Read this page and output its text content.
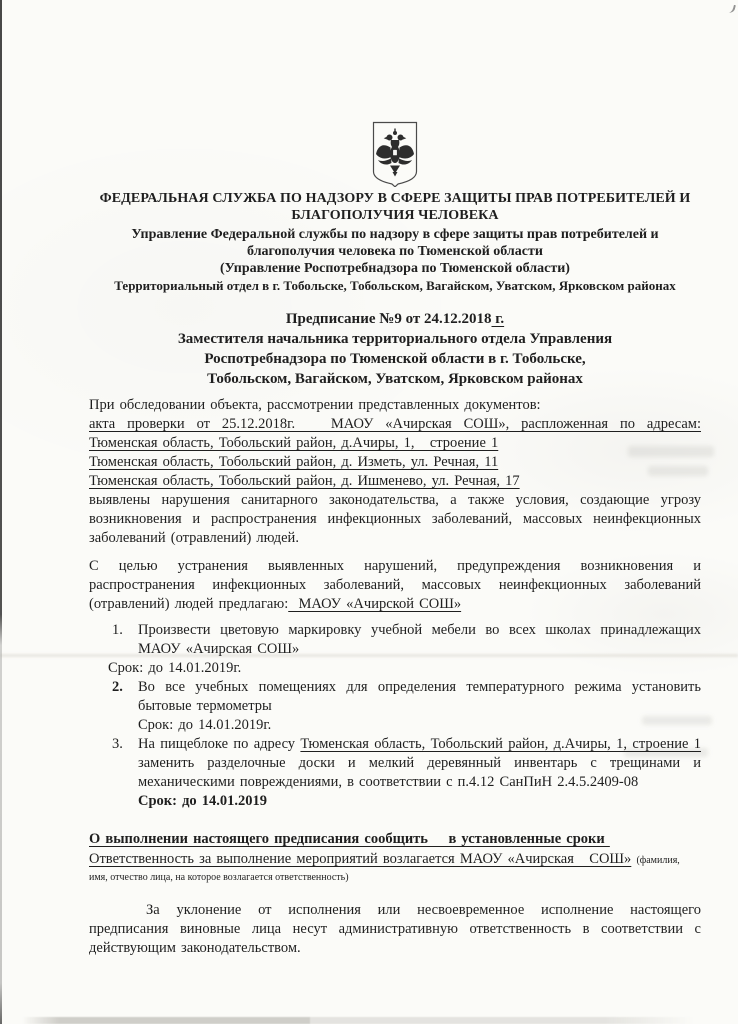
ФЕДЕРАЛЬНАЯ СЛУЖБА ПО НАДЗОРУ В СФЕРЕ ЗАЩИТЫ ПРАВ ПОТРЕБИТЕЛЕЙ И
БЛАГОПОЛУЧИЯ ЧЕЛОВЕКА
Управление Федеральной службы по надзору в сфере защиты прав потребителей и
благополучия человека по Тюменской области
(Управление Роспотребнадзора по Тюменской области)
Территориальный отдел в г. Тобольске, Тобольском, Вагайском, Уватском, Ярковском районах
Предписание №9 от 24.12.2018 г.
Заместителя начальника территориального отдела Управления
Роспотребнадзора по Тюменской области в г. Тобольске,
Тобольском, Вагайском, Уватском, Ярковском районах
При обследовании объекта, рассмотрении представленных документов:
акта проверки от 25.12.2018г.   МАОУ «Ачирская СОШ», распложенная по адресам:
Тюменская область, Тобольский район, д.Ачиры, 1,   строение 1
Тюменская область, Тобольский район, д. Изметь, ул. Речная, 11
Тюменская область, Тобольский район, д. Ишменево, ул. Речная, 17
выявлены нарушения санитарного законодательства, а также условия, создающие угрозу возникновения и распространения инфекционных заболеваний, массовых неинфекционных заболеваний (отравлений) людей.
С целью устранения выявленных нарушений, предупреждения возникновения и распространения инфекционных заболеваний, массовых неинфекционных заболеваний (отравлений) людей предлагаю:  МАОУ «Ачирской СОШ»
1.	Произвести цветовую маркировку учебной мебели во всех школах принадлежащих МАОУ «Ачирская СОШ»
Срок: до 14.01.2019г.
2.	Во все учебных помещениях для определения температурного режима установить бытовые термометры
Срок: до 14.01.2019г.
3.	На пищеблоке по адресу Тюменская область, Тобольский район, д.Ачиры, 1, строение 1 заменить разделочные доски и мелкий деревянный инвентарь с трещинами и механическими повреждениями, в соответствии с п.4.12 СанПиН 2.4.5.2409-08
Срок: до 14.01.2019
О выполнении настоящего предписания сообщить    в установленные сроки
Ответственность за выполнение мероприятий возлагается МАОУ «Ачирская   СОШ» (фамилия,
имя, отчество лица, на которое возлагается ответственность)
За уклонение от исполнения или несвоевременное исполнение настоящего предписания виновные лица несут административную ответственность в соответствии с действующим законодательством.
